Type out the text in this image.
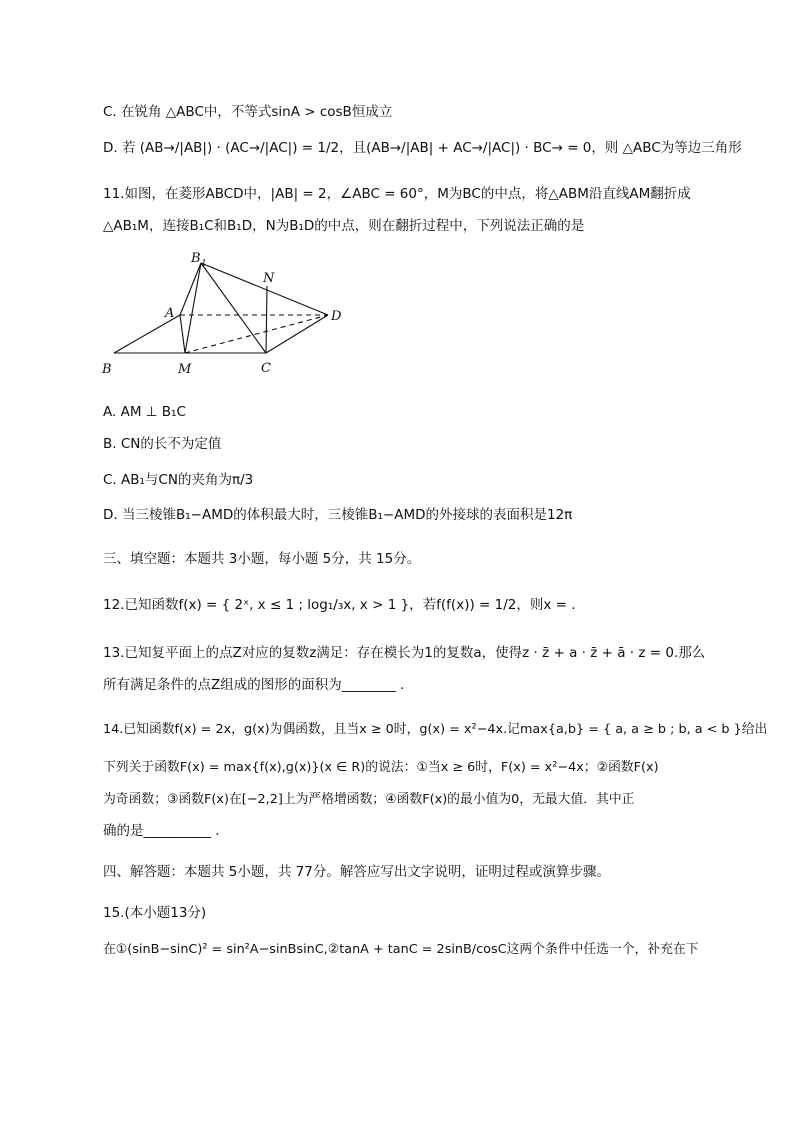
C. 在锐角 △ABC中，不等式sinA > cosB恒成立
D. 若 (AB→/|AB|) · (AC→/|AC|) = 1/2，且(AB→/|AB| + AC→/|AC|) · BC→ = 0，则 △ABC为等边三角形
11.如图，在菱形ABCD中，|AB| = 2，∠ABC = 60°，M为BC的中点，将△ABM沿直线AM翻折成
△AB₁M，连接B₁C和B₁D，N为B₁D的中点，则在翻折过程中，下列说法正确的是
B 1
N
A	D
B	M	C
A. AM ⊥ B₁C
B. CN的长不为定值
C. AB₁与CN的夹角为π/3
D. 当三棱锥B₁−AMD的体积最大时，三棱锥B₁−AMD的外接球的表面积是12π
三、填空题：本题共 3小题，每小题 5分，共 15分。
12.已知函数f(x) = { 2ˣ, x ≤ 1 ; log₁/₃x, x > 1 }，若f(f(x)) = 1/2，则x = .
13.已知复平面上的点Z对应的复数z满足：存在模长为1的复数a，使得z · z̄ + a · z̄ + ā · z = 0.那么
所有满足条件的点Z组成的图形的面积为________ .
14.已知函数f(x) = 2x，g(x)为偶函数，且当x ≥ 0时，g(x) = x²−4x.记max{a,b} = { a, a ≥ b ; b, a < b }给出
下列关于函数F(x) = max{f(x),g(x)}(x ∈ R)的说法：①当x ≥ 6时，F(x) = x²−4x；②函数F(x)
为奇函数；③函数F(x)在[−2,2]上为严格增函数；④函数F(x)的最小值为0，无最大值．其中正
确的是__________ .
四、解答题：本题共 5小题，共 77分。解答应写出文字说明，证明过程或演算步骤。
15.(本小题13分)
在①(sinB−sinC)² = sin²A−sinBsinC,②tanA + tanC = 2sinB/cosC这两个条件中任选一个，补充在下
